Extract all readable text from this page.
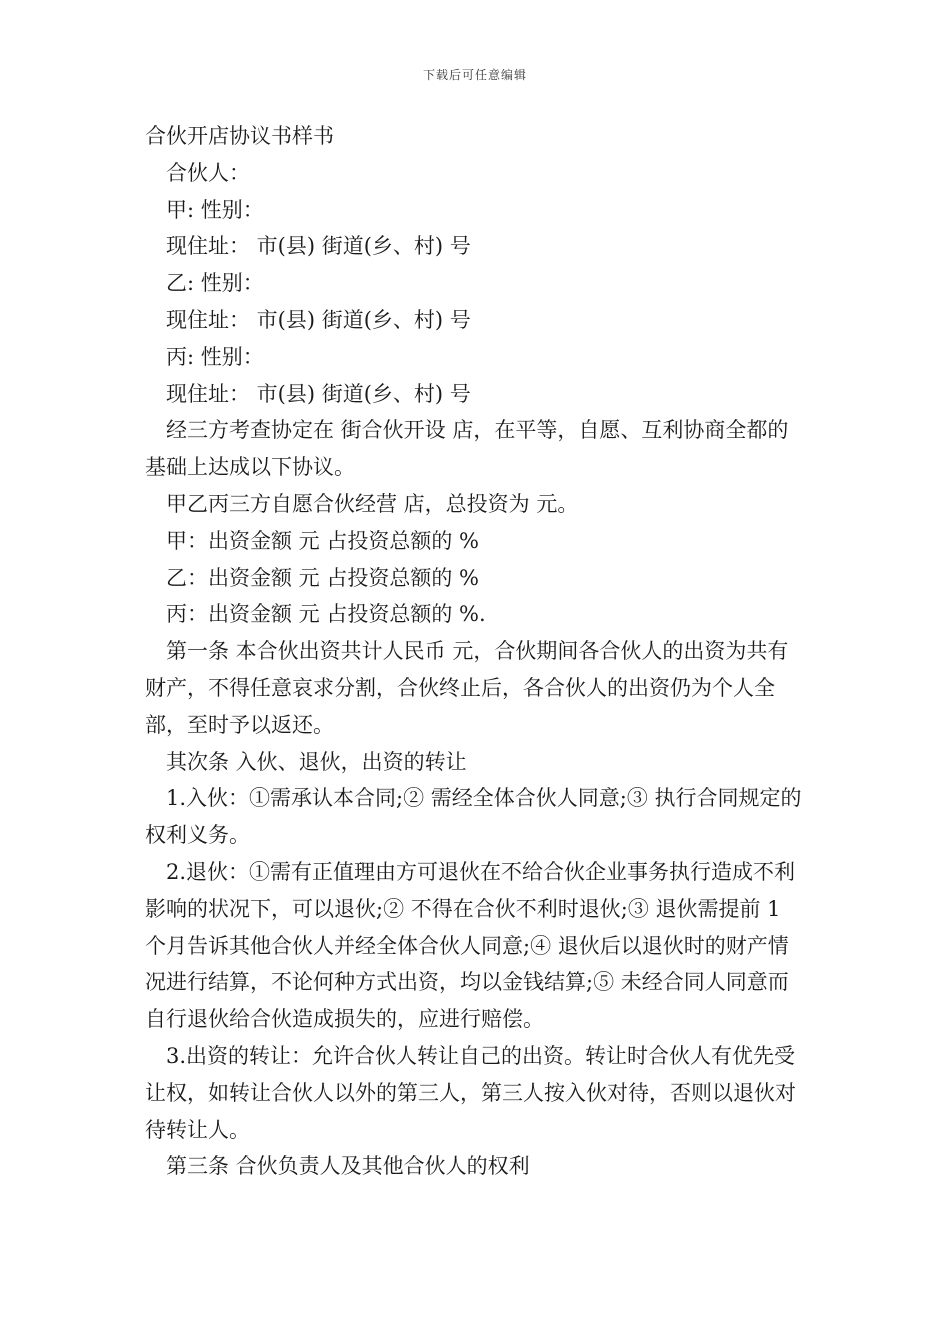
下载后可任意编辑

合伙开店协议书样书

合伙人：

甲: 性别：

现住址： 市(县) 街道(乡、村) 号

乙: 性别：

现住址： 市(县) 街道(乡、村) 号

丙: 性别：

现住址： 市(县) 街道(乡、村) 号

经三方考查协定在 街合伙开设 店，在平等，自愿、互利协商全都的基础上达成以下协议。

甲乙丙三方自愿合伙经营 店，总投资为 元。

甲：出资金额 元 占投资总额的 %

乙：出资金额 元 占投资总额的 %

丙：出资金额 元 占投资总额的 %.

第一条 本合伙出资共计人民币 元，合伙期间各合伙人的出资为共有财产，不得任意哀求分割，合伙终止后，各合伙人的出资仍为个人全部，至时予以返还。

其次条 入伙、退伙，出资的转让

1.入伙：①需承认本合同;② 需经全体合伙人同意;③ 执行合同规定的权利义务。

2.退伙：①需有正值理由方可退伙在不给合伙企业事务执行造成不利影响的状况下，可以退伙;② 不得在合伙不利时退伙;③ 退伙需提前 1 个月告诉其他合伙人并经全体合伙人同意;④ 退伙后以退伙时的财产情况进行结算，不论何种方式出资，均以金钱结算;⑤ 未经合同人同意而自行退伙给合伙造成损失的，应进行赔偿。

3.出资的转让：允许合伙人转让自己的出资。转让时合伙人有优先受让权，如转让合伙人以外的第三人，第三人按入伙对待，否则以退伙对待转让人。

第三条 合伙负责人及其他合伙人的权利
